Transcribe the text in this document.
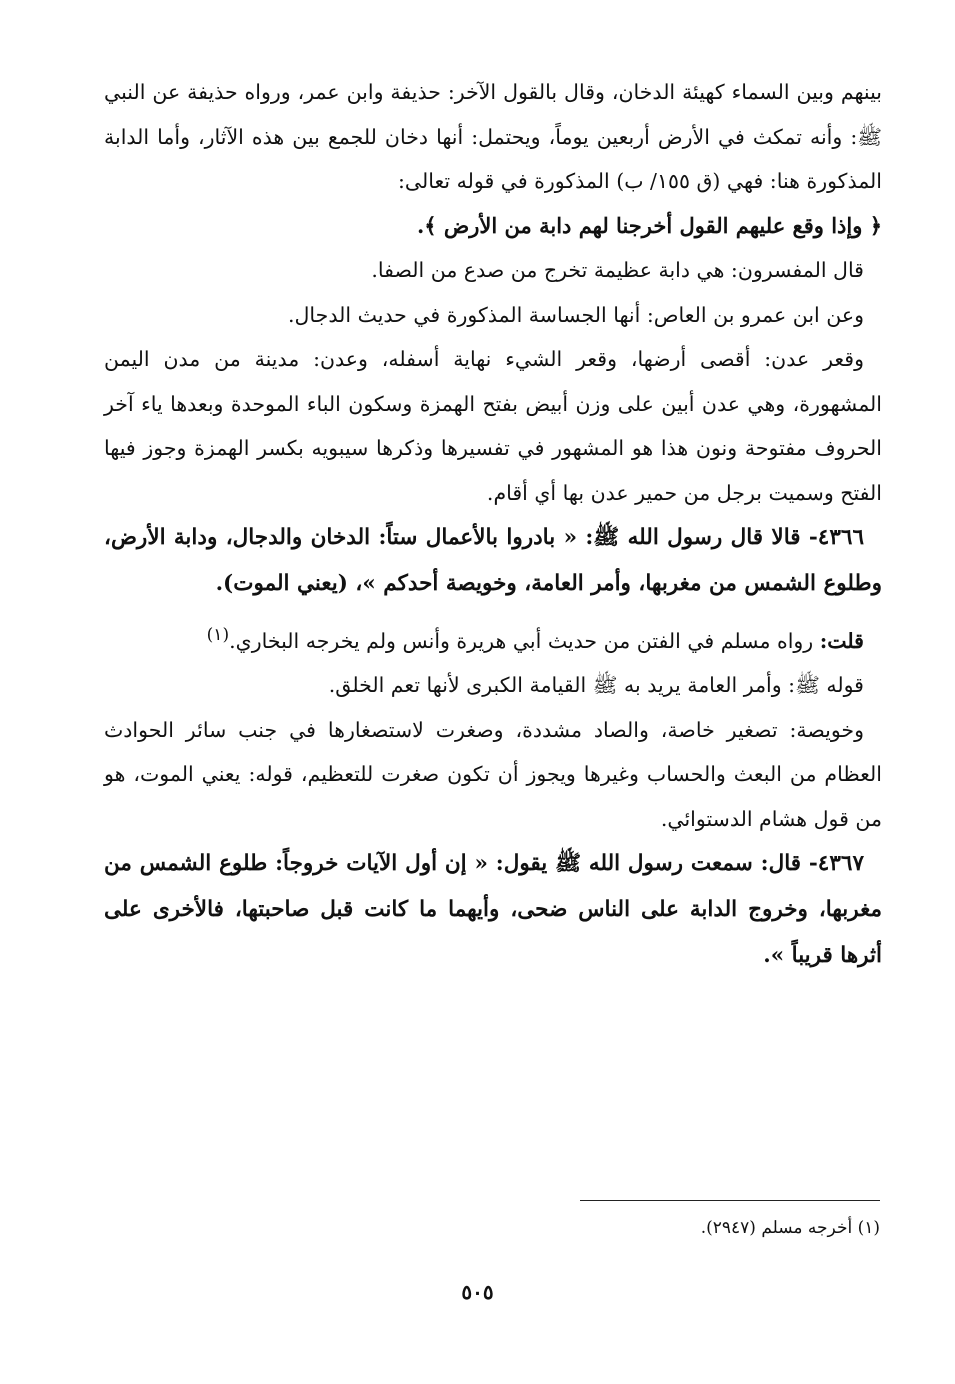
بينهم وبين السماء كهيئة الدخان، وقال بالقول الآخر: حذيفة وابن عمر، ورواه حذيفة عن النبي ﷺ: وأنه تمكث في الأرض أربعين يوماً، ويحتمل: أنها دخان للجمع بين هذه الآثار، وأما الدابة المذكورة هنا: فهي (ق ١٥٥/ ب) المذكورة في قوله تعالى:

﴿ وإذا وقع عليهم القول أخرجنا لهم دابة من الأرض ﴾.

قال المفسرون: هي دابة عظيمة تخرج من صدع من الصفا.

وعن ابن عمرو بن العاص: أنها الجساسة المذكورة في حديث الدجال.

وقعر عدن: أقصى أرضها، وقعر الشيء نهاية أسفله، وعدن: مدينة من مدن اليمن المشهورة، وهي عدن أبين على وزن أبيض بفتح الهمزة وسكون الباء الموحدة وبعدها ياء آخر الحروف مفتوحة ونون هذا هو المشهور في تفسيرها وذكرها سيبويه بكسر الهمزة وجوز فيها الفتح وسميت برجل من حمير عدن بها أي أقام.

٤٣٦٦- قالا قال رسول الله ﷺ: « بادروا بالأعمال ستاً: الدخان والدجال، ودابة الأرض، وطلوع الشمس من مغربها، وأمر العامة، وخويصة أحدكم »، (يعني الموت).

قلت: رواه مسلم في الفتن من حديث أبي هريرة وأنس ولم يخرجه البخاري.$^{(١)}$

قوله ﷺ: وأمر العامة يريد به ﷺ القيامة الكبرى لأنها تعم الخلق.

وخويصة: تصغير خاصة، والصاد مشددة، وصغرت لاستصغارها في جنب سائر الحوادث العظام من البعث والحساب وغيرها ويجوز أن تكون صغرت للتعظيم، قوله: يعني الموت، هو من قول هشام الدستوائي.

٤٣٦٧- قال: سمعت رسول الله ﷺ يقول: « إن أول الآيات خروجاً: طلوع الشمس من مغربها، وخروج الدابة على الناس ضحى، وأيهما ما كانت قبل صاحبتها، فالأخرى على أثرها قريباً ».

(١) أخرجه مسلم (٢٩٤٧).
٥٠٥
